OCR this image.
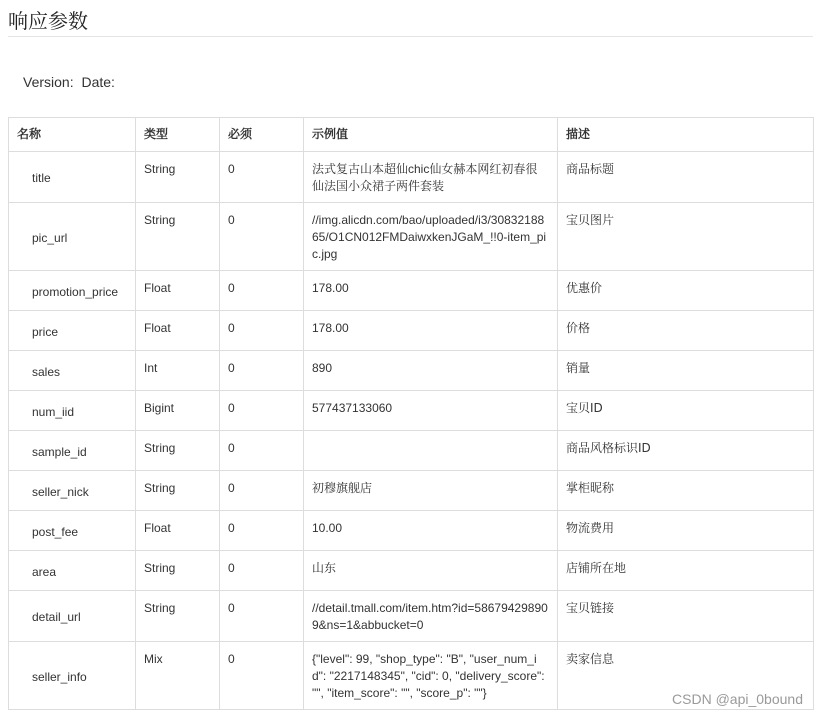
响应参数
Version: Date:
名称	类型	必须	示例值	描述
title	String	0	法式复古山本超仙chic仙女赫本网红初春很仙法国小众裙子两件套装	商品标题
pic_url	String	0	//img.alicdn.com/bao/uploaded/i3/3083218865/O1CN012FMDaiwxkenJGaM_!!0-item_pic.jpg	宝贝图片
promotion_price	Float	0	178.00	优惠价
price	Float	0	178.00	价格
sales	Int	0	890	销量
num_iid	Bigint	0	577437133060	宝贝ID
sample_id	String	0		商品风格标识ID
seller_nick	String	0	初穆旗舰店	掌柜昵称
post_fee	Float	0	10.00	物流费用
area	String	0	山东	店铺所在地
detail_url	String	0	//detail.tmall.com/item.htm?id=586794298909&ns=1&abbucket=0	宝贝链接
seller_info	Mix	0	{"level": 99, "shop_type": "B", "user_num_id": "2217148345", "cid": 0, "delivery_score": "", "item_score": "", "score_p": ""}	卖家信息
CSDN @api_0bound
